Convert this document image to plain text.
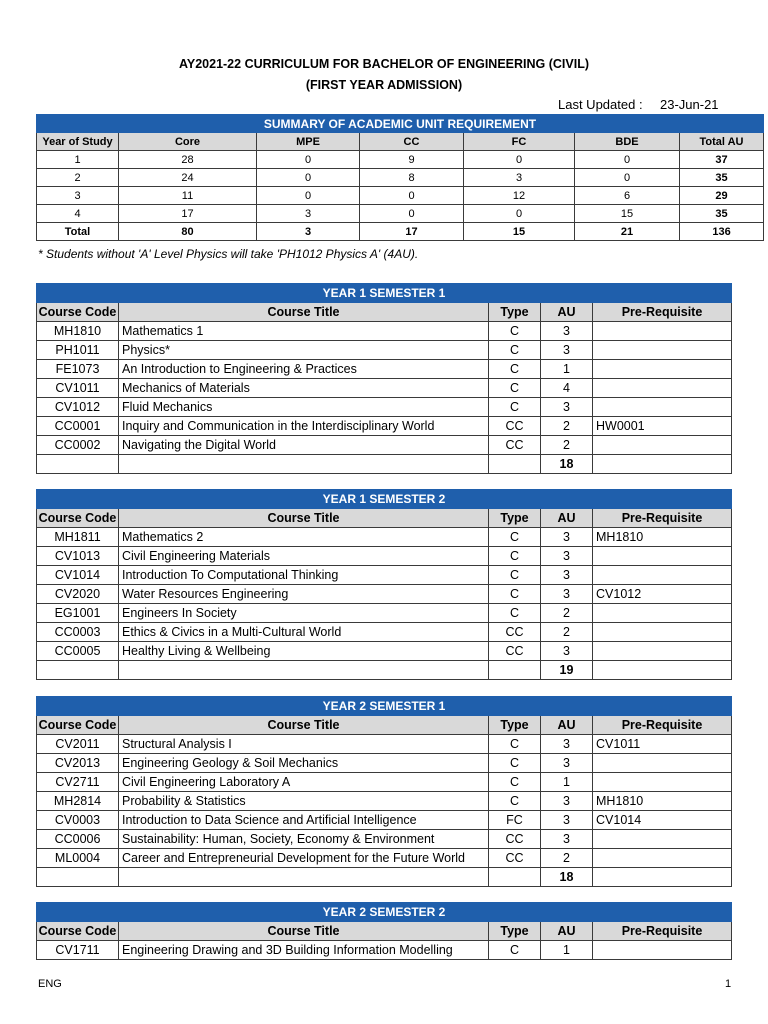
AY2021-22 CURRICULUM FOR BACHELOR OF ENGINEERING (CIVIL)
(FIRST YEAR ADMISSION)
Last Updated : 23-Jun-21
SUMMARY OF ACADEMIC UNIT REQUIREMENT						
Year of Study	Core	MPE	CC	FC	BDE	Total AU
1	28	0	9	0	0	37
2	24	0	8	3	0	35
3	11	0	0	12	6	29
4	17	3	0	0	15	35
Total	80	3	17	15	21	136
* Students without 'A' Level Physics will take 'PH1012 Physics A' (4AU).
YEAR 1 SEMESTER 1				
Course Code	Course Title	Type	AU	Pre-Requisite
MH1810	Mathematics 1	C	3	
PH1011	Physics*	C	3	
FE1073	An Introduction to Engineering & Practices	C	1	
CV1011	Mechanics of Materials	C	4	
CV1012	Fluid Mechanics	C	3	
CC0001	Inquiry and Communication in the Interdisciplinary World	CC	2	HW0001
CC0002	Navigating the Digital World	CC	2	
			18	
YEAR 1 SEMESTER 2				
Course Code	Course Title	Type	AU	Pre-Requisite
MH1811	Mathematics 2	C	3	MH1810
CV1013	Civil Engineering Materials	C	3	
CV1014	Introduction To Computational Thinking	C	3	
CV2020	Water Resources Engineering	C	3	CV1012
EG1001	Engineers In Society	C	2	
CC0003	Ethics & Civics in a Multi-Cultural World	CC	2	
CC0005	Healthy Living & Wellbeing	CC	3	
			19	
YEAR 2 SEMESTER 1				
Course Code	Course Title	Type	AU	Pre-Requisite
CV2011	Structural Analysis I	C	3	CV1011
CV2013	Engineering Geology & Soil Mechanics	C	3	
CV2711	Civil Engineering Laboratory A	C	1	
MH2814	Probability & Statistics	C	3	MH1810
CV0003	Introduction to Data Science and Artificial Intelligence	FC	3	CV1014
CC0006	Sustainability: Human, Society, Economy & Environment	CC	3	
ML0004	Career and Entrepreneurial Development for the Future World	CC	2	
			18	
YEAR 2 SEMESTER 2				
Course Code	Course Title	Type	AU	Pre-Requisite
CV1711	Engineering Drawing and 3D Building Information Modelling	C	1	
ENG	1
